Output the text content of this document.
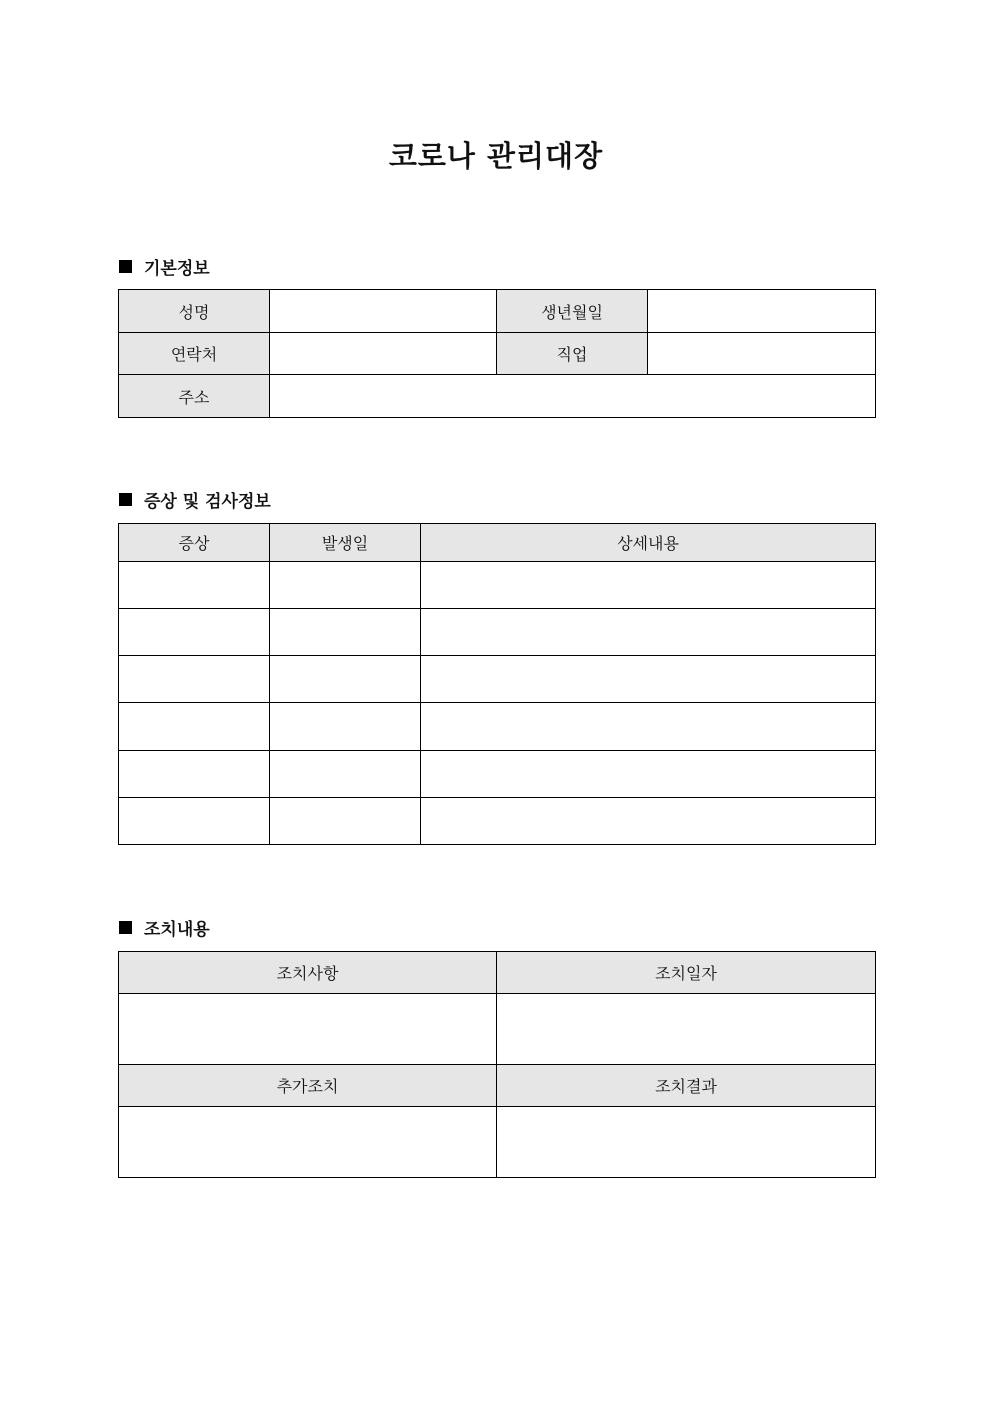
코로나 관리대장
기본정보
성명		생년월일	
연락처		직업	
주소			
증상 및 검사정보
증상	발생일	상세내용

조치내용
조치사항	조치일자

추가조치	조치결과
